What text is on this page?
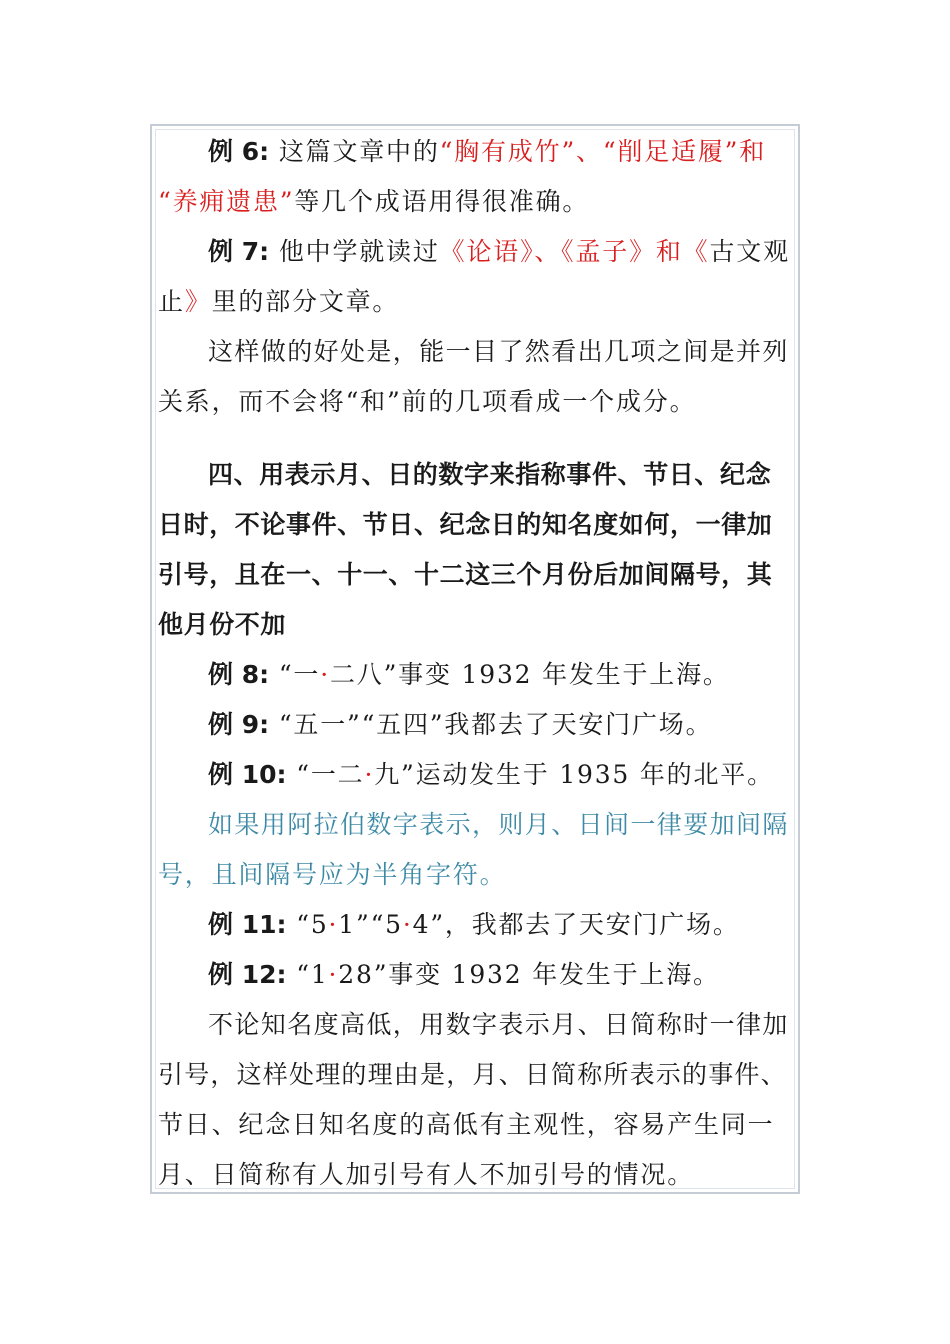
例 6: 这篇文章中的“胸有成竹”、“削足适履”和
“养痈遗患”等几个成语用得很准确。
例 7: 他中学就读过《论语》、《孟子》和《古文观
止》里的部分文章。
这样做的好处是，能一目了然看出几项之间是并列
关系，而不会将“和”前的几项看成一个成分。
四、用表示月、日的数字来指称事件、节日、纪念
日时，不论事件、节日、纪念日的知名度如何，一律加
引号，且在一、十一、十二这三个月份后加间隔号，其
他月份不加
例 8: “一·二八”事变 1932 年发生于上海。
例 9: “五一”“五四”我都去了天安门广场。
例 10: “一二·九”运动发生于 1935 年的北平。
如果用阿拉伯数字表示，则月、日间一律要加间隔
号，且间隔号应为半角字符。
例 11: “5·1”“5·4”，我都去了天安门广场。
例 12: “1·28”事变 1932 年发生于上海。
不论知名度高低，用数字表示月、日简称时一律加
引号，这样处理的理由是，月、日简称所表示的事件、
节日、纪念日知名度的高低有主观性，容易产生同一
月、日简称有人加引号有人不加引号的情况。
